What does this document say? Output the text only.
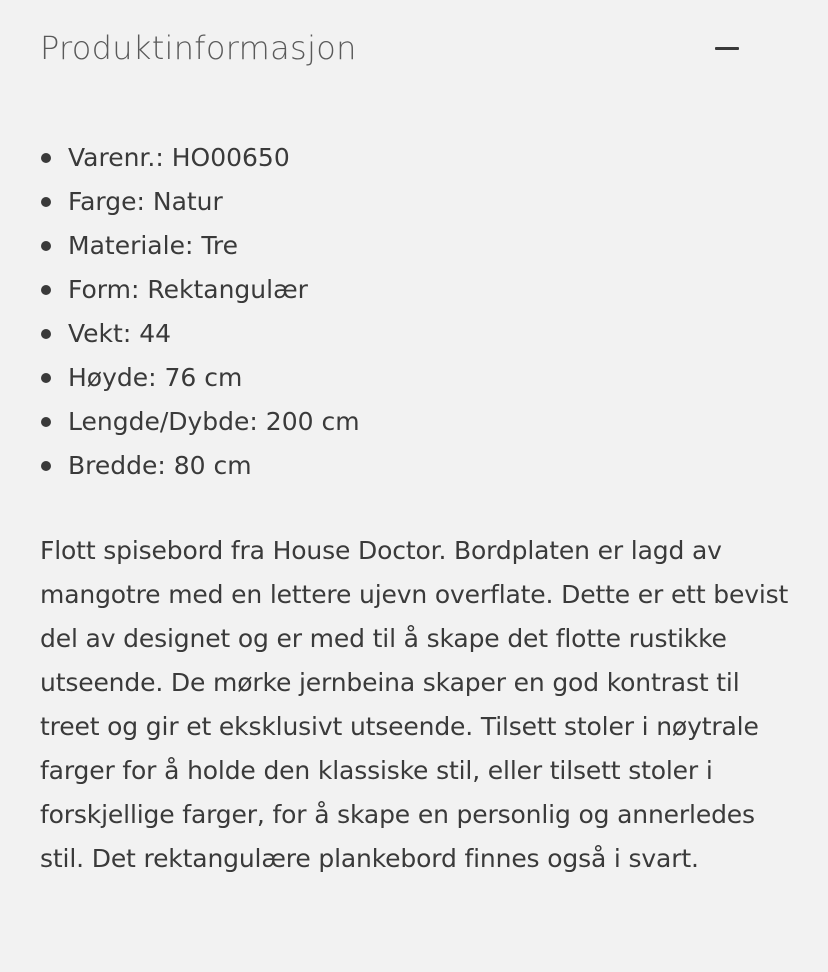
Produktinformasjon
Varenr.: HO00650
Farge: Natur
Materiale: Tre
Form: Rektangulær
Vekt: 44
Høyde: 76 cm
Lengde/Dybde: 200 cm
Bredde: 80 cm

Flott spisebord fra House Doctor. Bordplaten er lagd av mangotre med en lettere ujevn overflate. Dette er ett bevist del av designet og er med til å skape det flotte rustikke utseende. De mørke jernbeina skaper en god kontrast til treet og gir et eksklusivt utseende. Tilsett stoler i nøytrale farger for å holde den klassiske stil, eller tilsett stoler i forskjellige farger, for å skape en personlig og annerledes stil. Det rektangulære plankebord finnes også i svart.
